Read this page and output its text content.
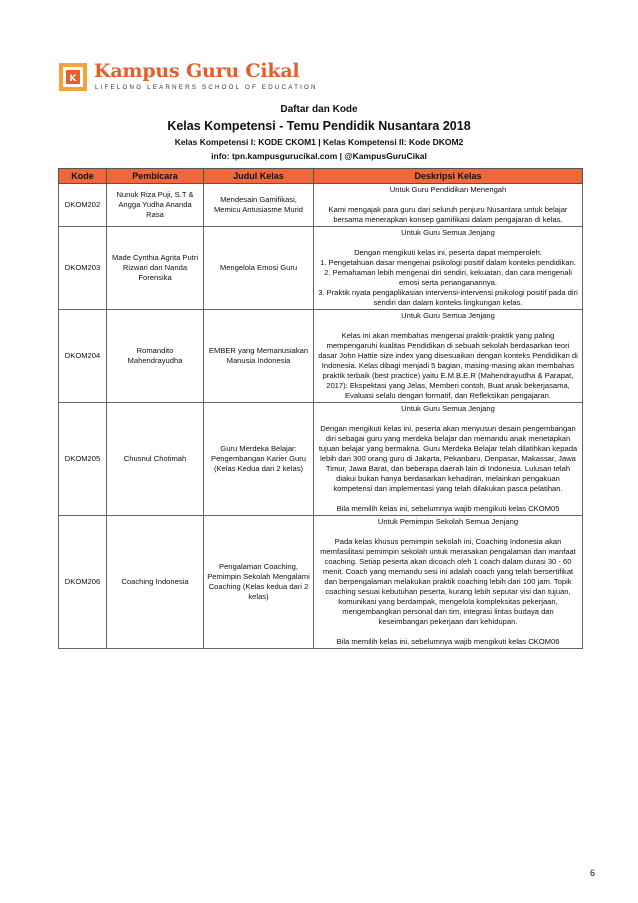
K Kampus Guru Cikal
LIFELONG LEARNERS SCHOOL OF EDUCATION
Daftar dan Kode
Kelas Kompetensi - Temu Pendidik Nusantara 2018
Kelas Kompetensi I: KODE CKOM1 | Kelas Kompetensi II: Kode DKOM2
info: tpn.kampusgurucikal.com | @KampusGuruCikal
Kode	Pembicara	Judul Kelas	Deskripsi Kelas
DKOM202	Nunuk Riza Puji, S.T & Angga Yudha Ananda Rasa	Mendesain Gamifikasi, Memicu Antusiasme Murid	Untuk Guru Pendidikan Menengah

Kami mengajak para guru dari seluruh penjuru Nusantara untuk belajar bersama menerapkan konsep gamifikasi dalam pengajaran di kelas.

DKOM203	Made Cynthia Agrita Putri Rizwari dan Nanda Forensika	Mengelola Emosi Guru	Untuk Guru Semua Jenjang

Dengan mengikuti kelas ini, peserta dapat memperoleh:

1. Pengetahuan dasar mengenai psikologi positif dalam konteks pendidikan.

2. Pemahaman lebih mengenai diri sendiri, kekuatan, dan cara mengenali emosi serta penanganannya.

3. Praktik nyata pengaplikasian intervensi-intervensi psikologi positif pada diri sendiri dan dalam konteks lingkungan kelas.

DKOM204	Romandito Mahendrayudha	EMBER yang Memanusiakan Manusia Indonesia	Untuk Guru Semua Jenjang

Kelas ini akan membahas mengenai praktik-praktik yang paling mempengaruhi kualitas Pendidikan di sebuah sekolah berdasarkan teori dasar John Hattie size index yang disesuaikan dengan konteks Pendidikan di Indonesia. Kelas dibagi menjadi 5 bagian, masing-masing akan membahas praktik terbaik (best practice) yaitu E.M.B.E.R (Mahendrayudha & Parapat, 2017): Ekspektasi yang Jelas, Memberi contoh, Buat anak bekerjasama, Evaluasi selalu dengan formatif, dan Refleksikan pengajaran.

DKOM205	Chusnul Chotimah	Guru Merdeka Belajar: Pengembangan Karier Guru (Kelas Kedua dari 2 kelas)	Untuk Guru Semua Jenjang

Dengan mengikuti kelas ini, peserta akan menyusun desain pengembangan diri sebagai guru yang merdeka belajar dan memandu anak menetapkan tujuan belajar yang bermakna. Guru Merdeka Belajar telah dilatihkan kepada lebih dari 300 orang guru di Jakarta, Pekanbaru, Denpasar, Makassar, Jawa Timur, Jawa Barat, dan beberapa daerah lain di Indonesia. Lulusan telah diakui bukan hanya berdasarkan kehadiran, melainkan pengakuan kompetensi dari implementasi yang telah dilakukan pasca pelatihan.

Bila memilih kelas ini, sebelumnya wajib mengikuti kelas CKOM05

DKOM206	Coaching Indonesia	Pengalaman Coaching, Pemimpin Sekolah Mengalami Coaching (Kelas kedua dari 2 kelas)	Untuk Pemimpin Sekolah Semua Jenjang

Pada kelas khusus pemimpin sekolah ini, Coaching Indonesia akan memfasilitasi pemimpin sekolah untuk merasakan pengalaman dan manfaat coaching. Setiap peserta akan dicoach oleh 1 coach dalam durasi 30 - 60 menit. Coach yang memandu sesi ini adalah coach yang telah bersertifikat dan berpengalaman melakukan praktik coaching lebih dari 100 jam. Topik coaching sesuai kebutuhan peserta, kurang lebih seputar visi dan tujuan, komunikasi yang berdampak, mengelola kompleksitas pekerjaan, mengembangkan personal dan tim, integrasi lintas budaya dan keseimbangan pekerjaan dan kehidupan.

Bila memilih kelas ini, sebelumnya wajib mengikuti kelas CKOM06

6
